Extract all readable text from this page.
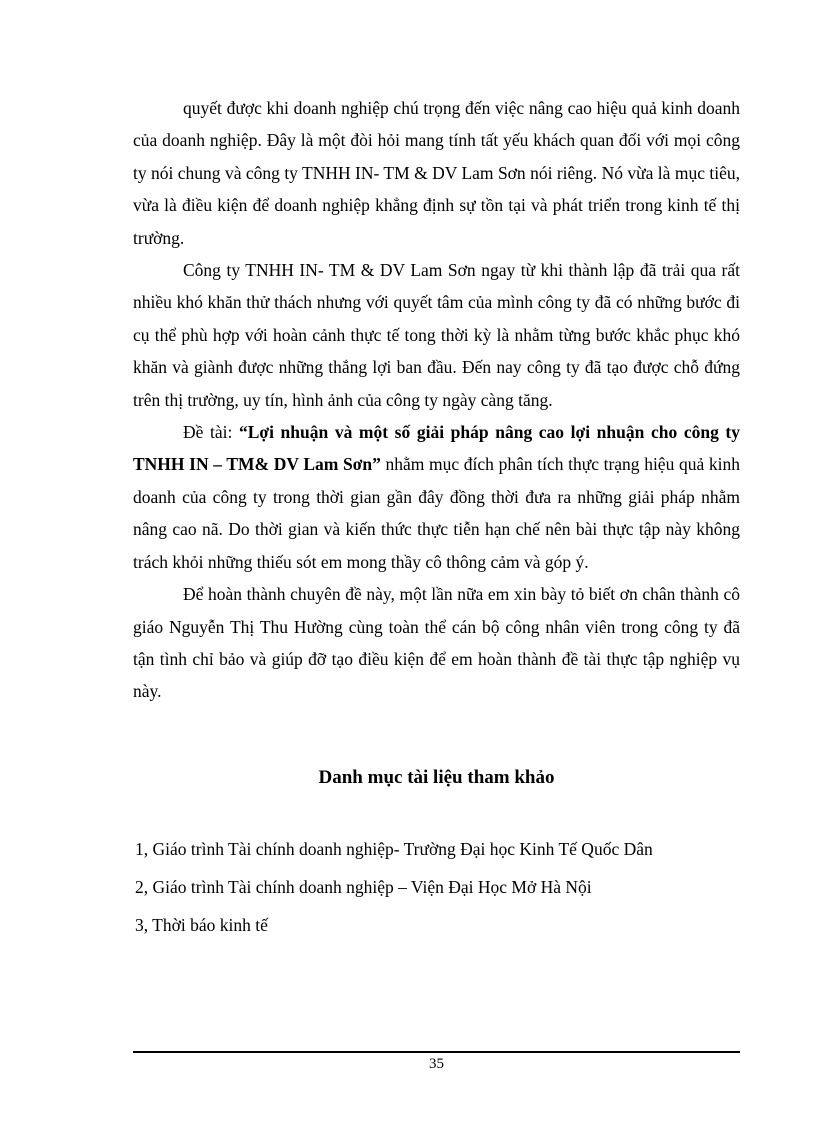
quyết được khi doanh nghiệp chú trọng đến việc nâng cao hiệu quả kinh doanh của doanh nghiệp. Đây là một đòi hỏi mang tính tất yếu khách quan đối với mọi công ty nói chung và công ty TNHH IN- TM & DV Lam Sơn nói riêng. Nó vừa là mục tiêu, vừa là điều kiện để doanh nghiệp khẳng định sự tồn tại và phát triển trong kinh tế thị trường.

Công ty TNHH IN- TM & DV Lam Sơn ngay từ khi thành lập đã trải qua rất nhiều khó khăn thử thách nhưng với quyết tâm của mình công ty đã có những bước đi cụ thể phù hợp với hoàn cảnh thực tế tong thời kỳ là nhằm từng bước khắc phục khó khăn và giành được những thắng lợi ban đầu. Đến nay công ty đã tạo được chỗ đứng trên thị trường, uy tín, hình ảnh của công ty ngày càng tăng.

Đề tài: “Lợi nhuận và một số giải pháp nâng cao lợi nhuận cho công ty TNHH IN – TM& DV Lam Sơn” nhằm mục đích phân tích thực trạng hiệu quả kinh doanh của công ty trong thời gian gần đây đồng thời đưa ra những giải pháp nhằm nâng cao nã. Do thời gian và kiến thức thực tiễn hạn chế nên bài thực tập này không trách khỏi những thiếu sót em mong thầy cô thông cảm và góp ý.

Để hoàn thành chuyên đề này, một lần nữa em xin bày tỏ biết ơn chân thành cô giáo Nguyễn Thị Thu Hường cùng toàn thể cán bộ công nhân viên trong công ty đã tận tình chỉ bảo và giúp đỡ tạo điều kiện để em hoàn thành đề tài thực tập nghiệp vụ này.

Danh mục tài liệu tham khảo
1, Giáo trình Tài chính doanh nghiệp- Trường Đại học Kinh Tế Quốc Dân
2, Giáo trình Tài chính doanh nghiệp – Viện Đại Học Mở Hà Nội
3, Thời báo kinh tế
35
